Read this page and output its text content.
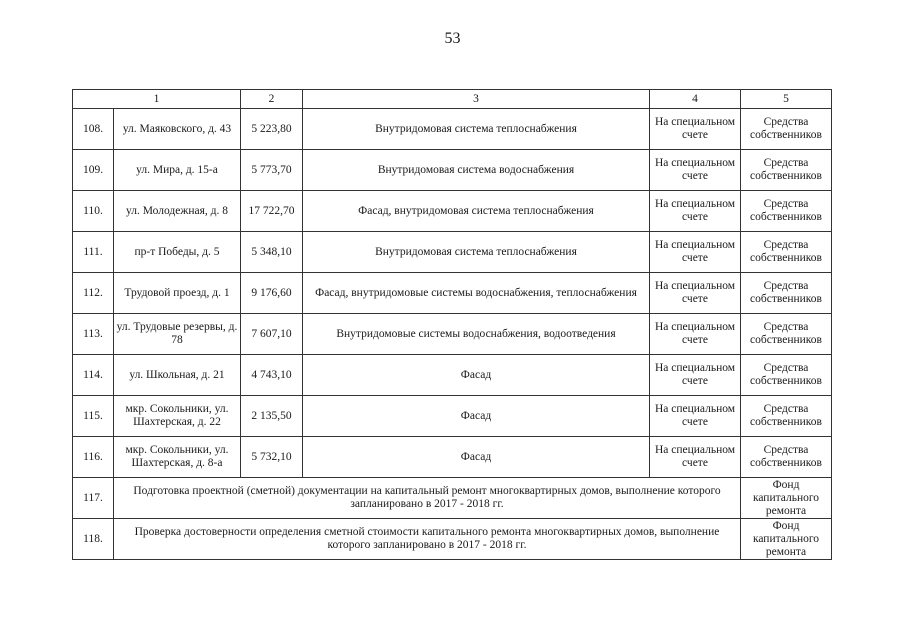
53
1		2	3	4	5
108.	ул. Маяковского, д. 43	5 223,80	Внутридомовая система теплоснабжения	На специальном счете	Средства собственников
109.	ул. Мира, д. 15-а	5 773,70	Внутридомовая система водоснабжения	На специальном счете	Средства собственников
110.	ул. Молодежная, д. 8	17 722,70	Фасад, внутридомовая система теплоснабжения	На специальном счете	Средства собственников
111.	пр-т Победы, д. 5	5 348,10	Внутридомовая система теплоснабжения	На специальном счете	Средства собственников
112.	Трудовой проезд, д. 1	9 176,60	Фасад, внутридомовые системы водоснабжения, теплоснабжения	На специальном счете	Средства собственников
113.	ул. Трудовые резервы, д. 78	7 607,10	Внутридомовые системы водоснабжения, водоотведения	На специальном счете	Средства собственников
114.	ул. Школьная, д. 21	4 743,10	Фасад	На специальном счете	Средства собственников
115.	мкр. Сокольники, ул. Шахтерская, д. 22	2 135,50	Фасад	На специальном счете	Средства собственников
116.	мкр. Сокольники, ул. Шахтерская, д. 8-а	5 732,10	Фасад	На специальном счете	Средства собственников
117.	Подготовка проектной (сметной) документации на капитальный ремонт многоквартирных домов, выполнение которого запланировано в 2017 - 2018 гг.				Фонд капитального ремонта
118.	Проверка достоверности определения сметной стоимости капитального ремонта многоквартирных домов, выполнение которого запланировано в 2017 - 2018 гг.				Фонд капитального ремонта
